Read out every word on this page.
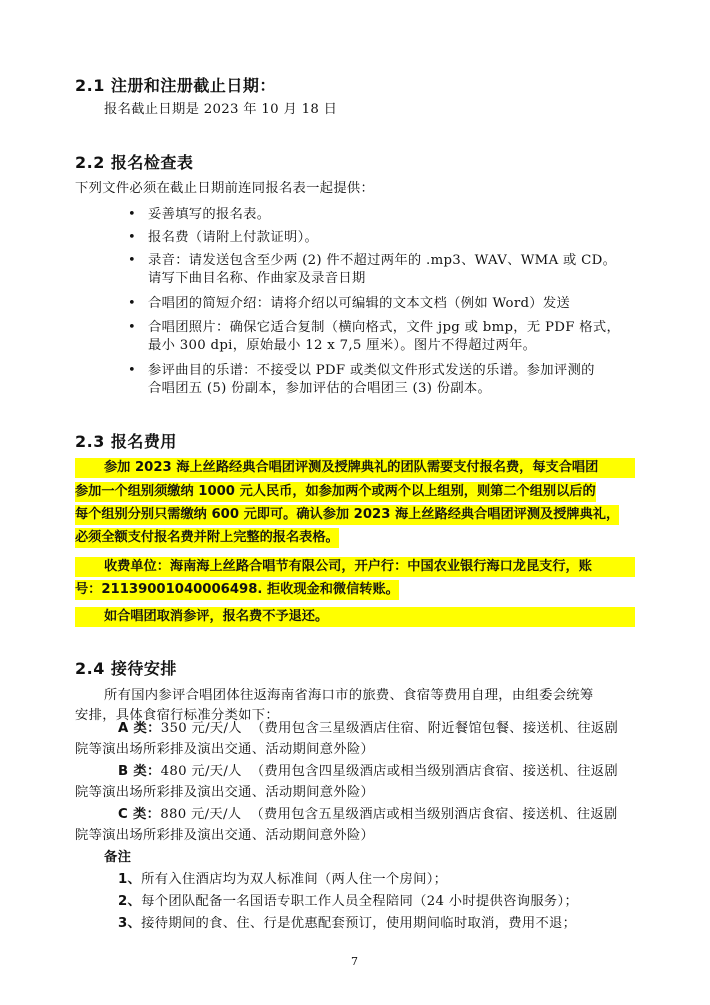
2.1 注册和注册截止日期：
报名截止日期是 2023 年 10 月 18 日
2.2 报名检查表
下列文件必须在截止日期前连同报名表一起提供：
• 妥善填写的报名表。
• 报名费（请附上付款证明）。
• 录音：请发送包含至少两 (2) 件不超过两年的 .mp3、WAV、WMA 或 CD。
请写下曲目名称、作曲家及录音日期
• 合唱团的简短介绍：请将介绍以可编辑的文本文档（例如 Word）发送
• 合唱团照片：确保它适合复制（横向格式，文件 jpg 或 bmp，无 PDF 格式，
最小 300 dpi，原始最小 12 x 7,5 厘米）。图片不得超过两年。
• 参评曲目的乐谱：不接受以 PDF 或类似文件形式发送的乐谱。参加评测的
合唱团五 (5) 份副本，参加评估的合唱团三 (3) 份副本。
2.3 报名费用
参加 2023 海上丝路经典合唱团评测及授牌典礼的团队需要支付报名费，每支合唱团
参加一个组别须缴纳 1000 元人民币，如参加两个或两个以上组别，则第二个组别以后的
每个组别分别只需缴纳 600 元即可。确认参加 2023 海上丝路经典合唱团评测及授牌典礼，
必须全额支付报名费并附上完整的报名表格。
收费单位：海南海上丝路合唱节有限公司，开户行：中国农业银行海口龙昆支行，账
号：21139001040006498. 拒收现金和微信转账。
如合唱团取消参评，报名费不予退还。
2.4 接待安排
所有国内参评合唱团体往返海南省海口市的旅费、食宿等费用自理，由组委会统筹
安排，具体食宿行标准分类如下：
A 类：350 元/天/人 （费用包含三星级酒店住宿、附近餐馆包餐、接送机、往返剧
院等演出场所彩排及演出交通、活动期间意外险）
B 类：480 元/天/人 （费用包含四星级酒店或相当级别酒店食宿、接送机、往返剧
院等演出场所彩排及演出交通、活动期间意外险）
C 类：880 元/天/人 （费用包含五星级酒店或相当级别酒店食宿、接送机、往返剧
院等演出场所彩排及演出交通、活动期间意外险）
备注
1、所有入住酒店均为双人标准间（两人住一个房间）；
2、每个团队配备一名国语专职工作人员全程陪同（24 小时提供咨询服务）；
3、接待期间的食、住、行是优惠配套预订，使用期间临时取消，费用不退；
7
